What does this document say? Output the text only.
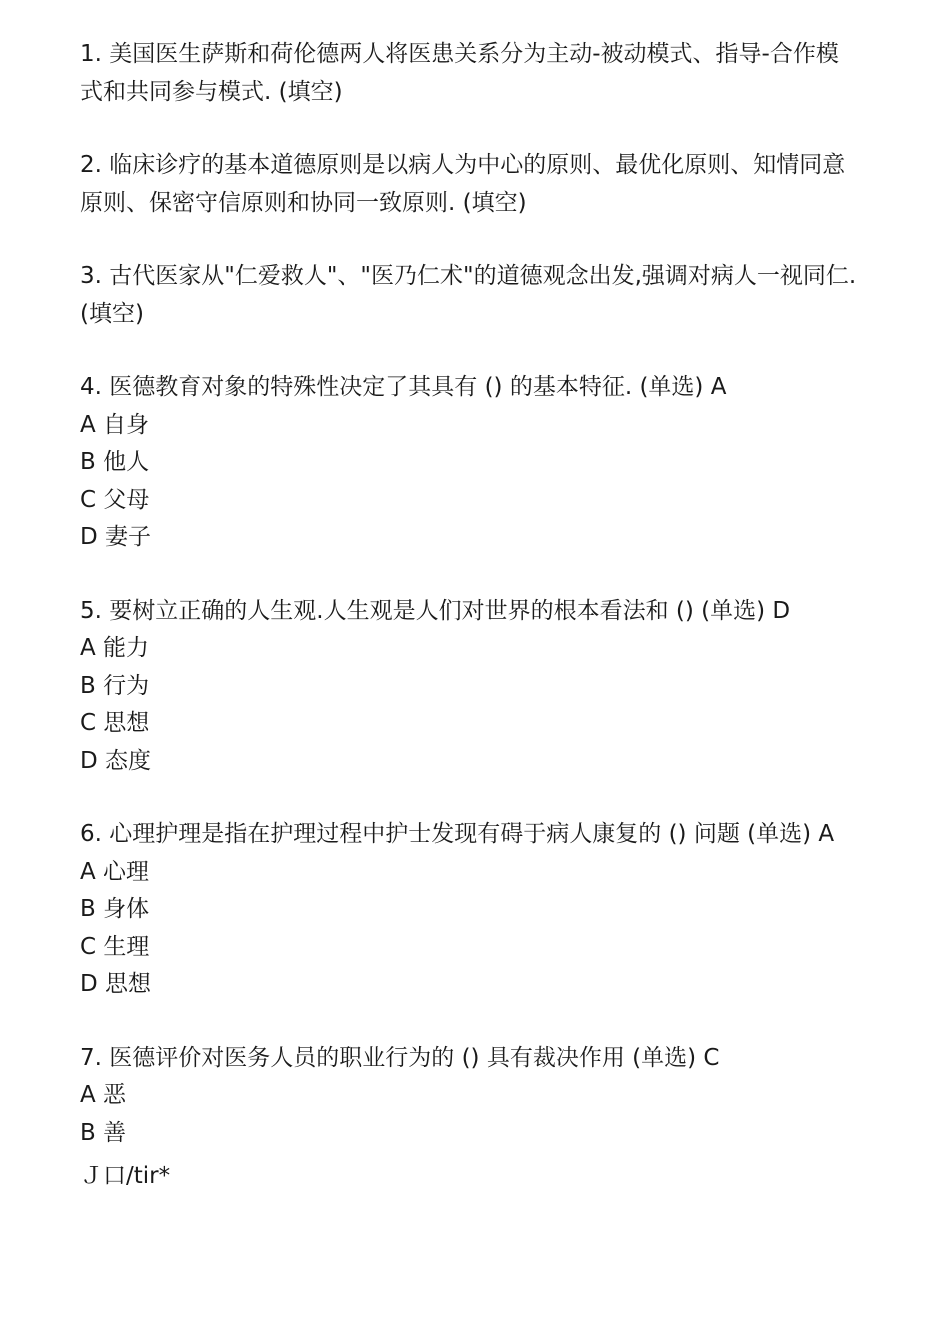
1. 美国医生萨斯和荷伦德两人将医患关系分为主动-被动模式、指导-合作模式和共同参与模式. (填空)

2. 临床诊疗的基本道德原则是以病人为中心的原则、最优化原则、知情同意原则、保密守信原则和协同一致原则. (填空)

3. 古代医家从"仁爱救人"、"医乃仁术"的道德观念出发,强调对病人一视同仁. (填空)

4. 医德教育对象的特殊性决定了其具有 () 的基本特征. (单选) A

A 自身

B 他人

C 父母

D 妻子

5. 要树立正确的人生观.人生观是人们对世界的根本看法和 () (单选) D

A 能力

B 行为

C 思想

D 态度

6. 心理护理是指在护理过程中护士发现有碍于病人康复的 () 问题 (单选) A

A 心理

B 身体

C 生理

D 思想

7. 医德评价对医务人员的职业行为的 () 具有裁决作用 (单选) C

A 恶

B 善

Ｊ口/tir*
